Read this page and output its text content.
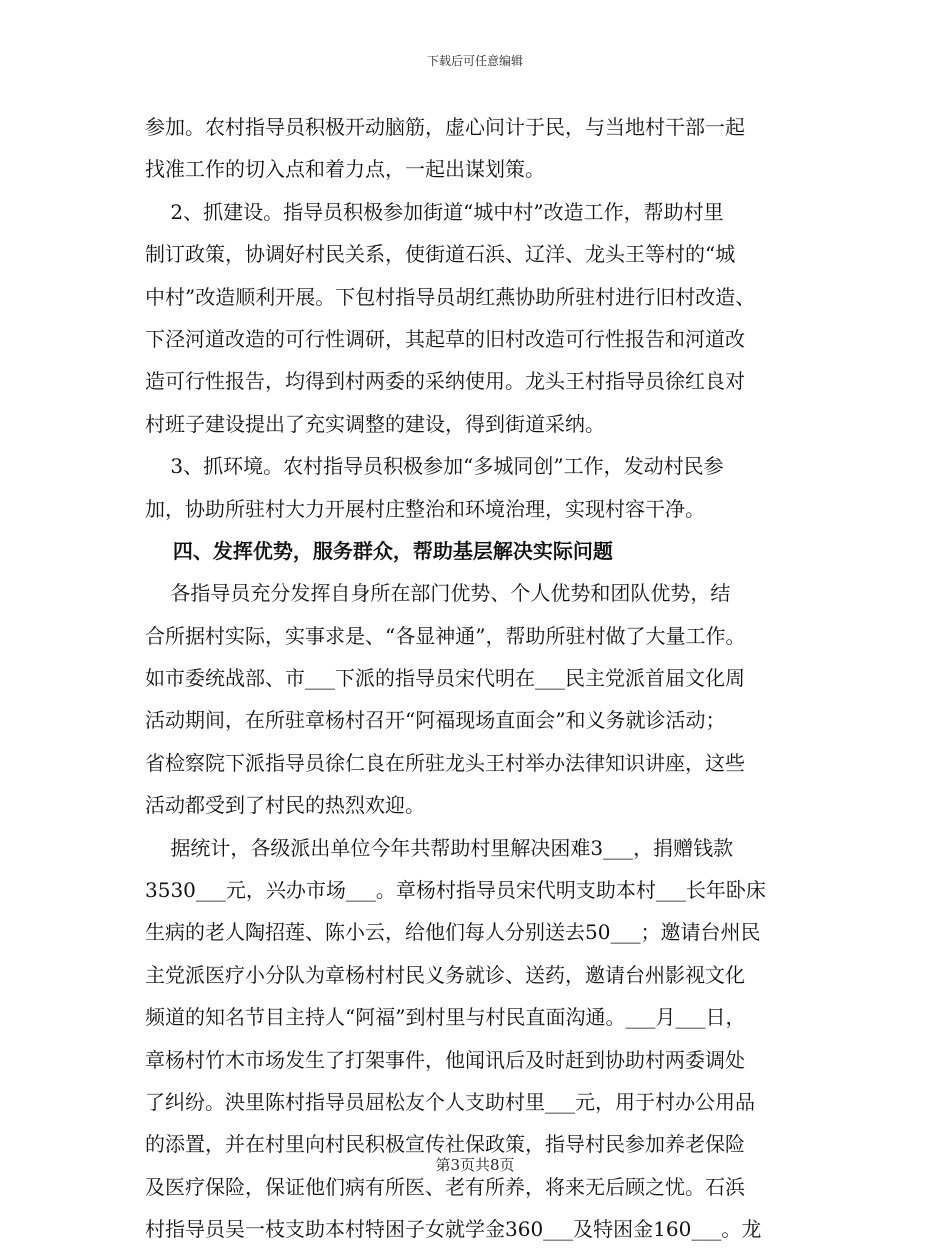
下载后可任意编辑
参加。农村指导员积极开动脑筋，虚心问计于民，与当地村干部一起
找准工作的切入点和着力点，一起出谋划策。
2、抓建设。指导员积极参加街道“城中村”改造工作，帮助村里
制订政策，协调好村民关系，使街道石浜、辽洋、龙头王等村的“城
中村”改造顺利开展。下包村指导员胡红燕协助所驻村进行旧村改造、
下泾河道改造的可行性调研，其起草的旧村改造可行性报告和河道改
造可行性报告，均得到村两委的采纳使用。龙头王村指导员徐红良对
村班子建设提出了充实调整的建设，得到街道采纳。
3、抓环境。农村指导员积极参加“多城同创”工作，发动村民参
加，协助所驻村大力开展村庄整治和环境治理，实现村容干净。
四、发挥优势，服务群众，帮助基层解决实际问题
各指导员充分发挥自身所在部门优势、个人优势和团队优势，结
合所据村实际，实事求是、“各显神通”，帮助所驻村做了大量工作。
如市委统战部、市___下派的指导员宋代明在___民主党派首届文化周
活动期间，在所驻章杨村召开“阿福现场直面会”和义务就诊活动；
省检察院下派指导员徐仁良在所驻龙头王村举办法律知识讲座，这些
活动都受到了村民的热烈欢迎。
据统计，各级派出单位今年共帮助村里解决困难3___，捐赠钱款
3530___元，兴办市场___。章杨村指导员宋代明支助本村___长年卧床
生病的老人陶招莲、陈小云，给他们每人分别送去50___；邀请台州民
主党派医疗小分队为章杨村村民义务就诊、送药，邀请台州影视文化
频道的知名节目主持人“阿福”到村里与村民直面沟通。___月___日，
章杨村竹木市场发生了打架事件，他闻讯后及时赶到协助村两委调处
了纠纷。泱里陈村指导员屈松友个人支助村里___元，用于村办公用品
的添置，并在村里向村民积极宣传社保政策，指导村民参加养老保险
及医疗保险，保证他们病有所医、老有所养，将来无后顾之忧。石浜
村指导员吴一枝支助本村特困子女就学金360___及特困金160___。龙
第3页共8页
